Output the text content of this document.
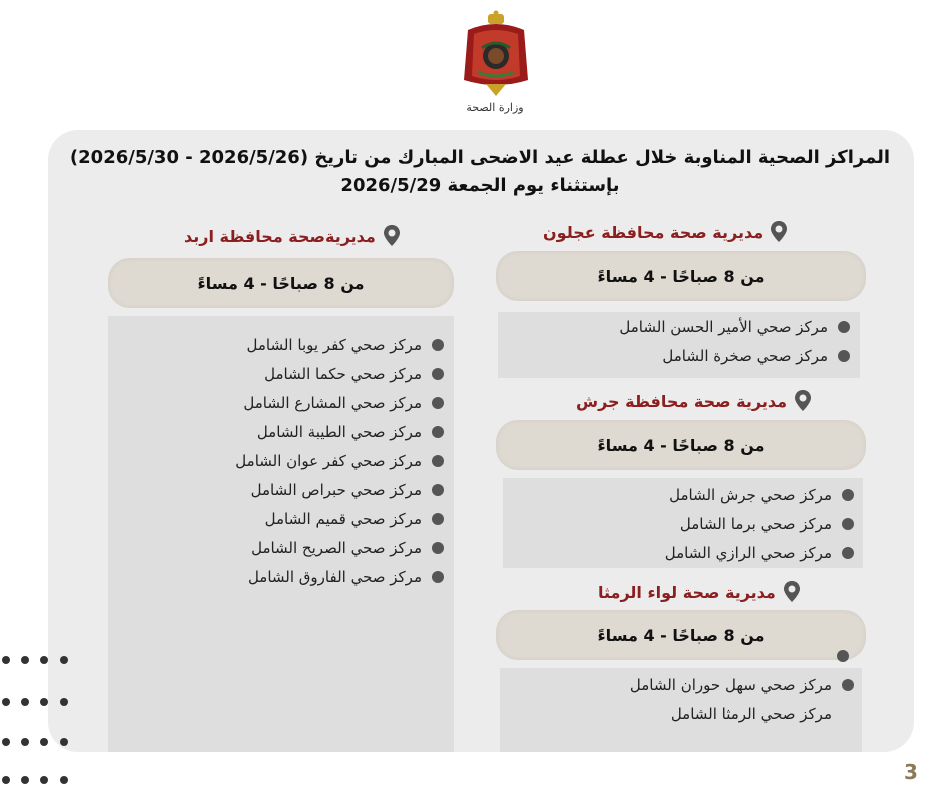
وزارة الصحة
المراكز الصحية المناوبة خلال عطلة عيد الاضحى المبارك من تاريخ (2026/5/26 - 2026/5/30)
بإستثناء يوم الجمعة 2026/5/29
مديريةصحة محافظة اربد
من 8 صباحًا - 4 مساءً
مركز صحي كفر يوبا الشامل
مركز صحي حكما الشامل
مركز صحي المشارع الشامل
مركز صحي الطيبة الشامل
مركز صحي كفر عوان الشامل
مركز صحي حبراص الشامل
مركز صحي قميم الشامل
مركز صحي الصريح الشامل
مركز صحي الفاروق الشامل
مديرية صحة محافظة عجلون
من 8 صباحًا - 4 مساءً
مركز صحي الأمير الحسن الشامل
مركز صحي صخرة الشامل
مديرية صحة محافظة جرش
من 8 صباحًا - 4 مساءً
مركز صحي جرش الشامل
مركز صحي برما الشامل
مركز صحي الرازي الشامل
مديرية صحة لواء الرمثا
من 8 صباحًا - 4 مساءً
مركز صحي سهل حوران الشامل
مركز صحي الرمثا الشامل
3
